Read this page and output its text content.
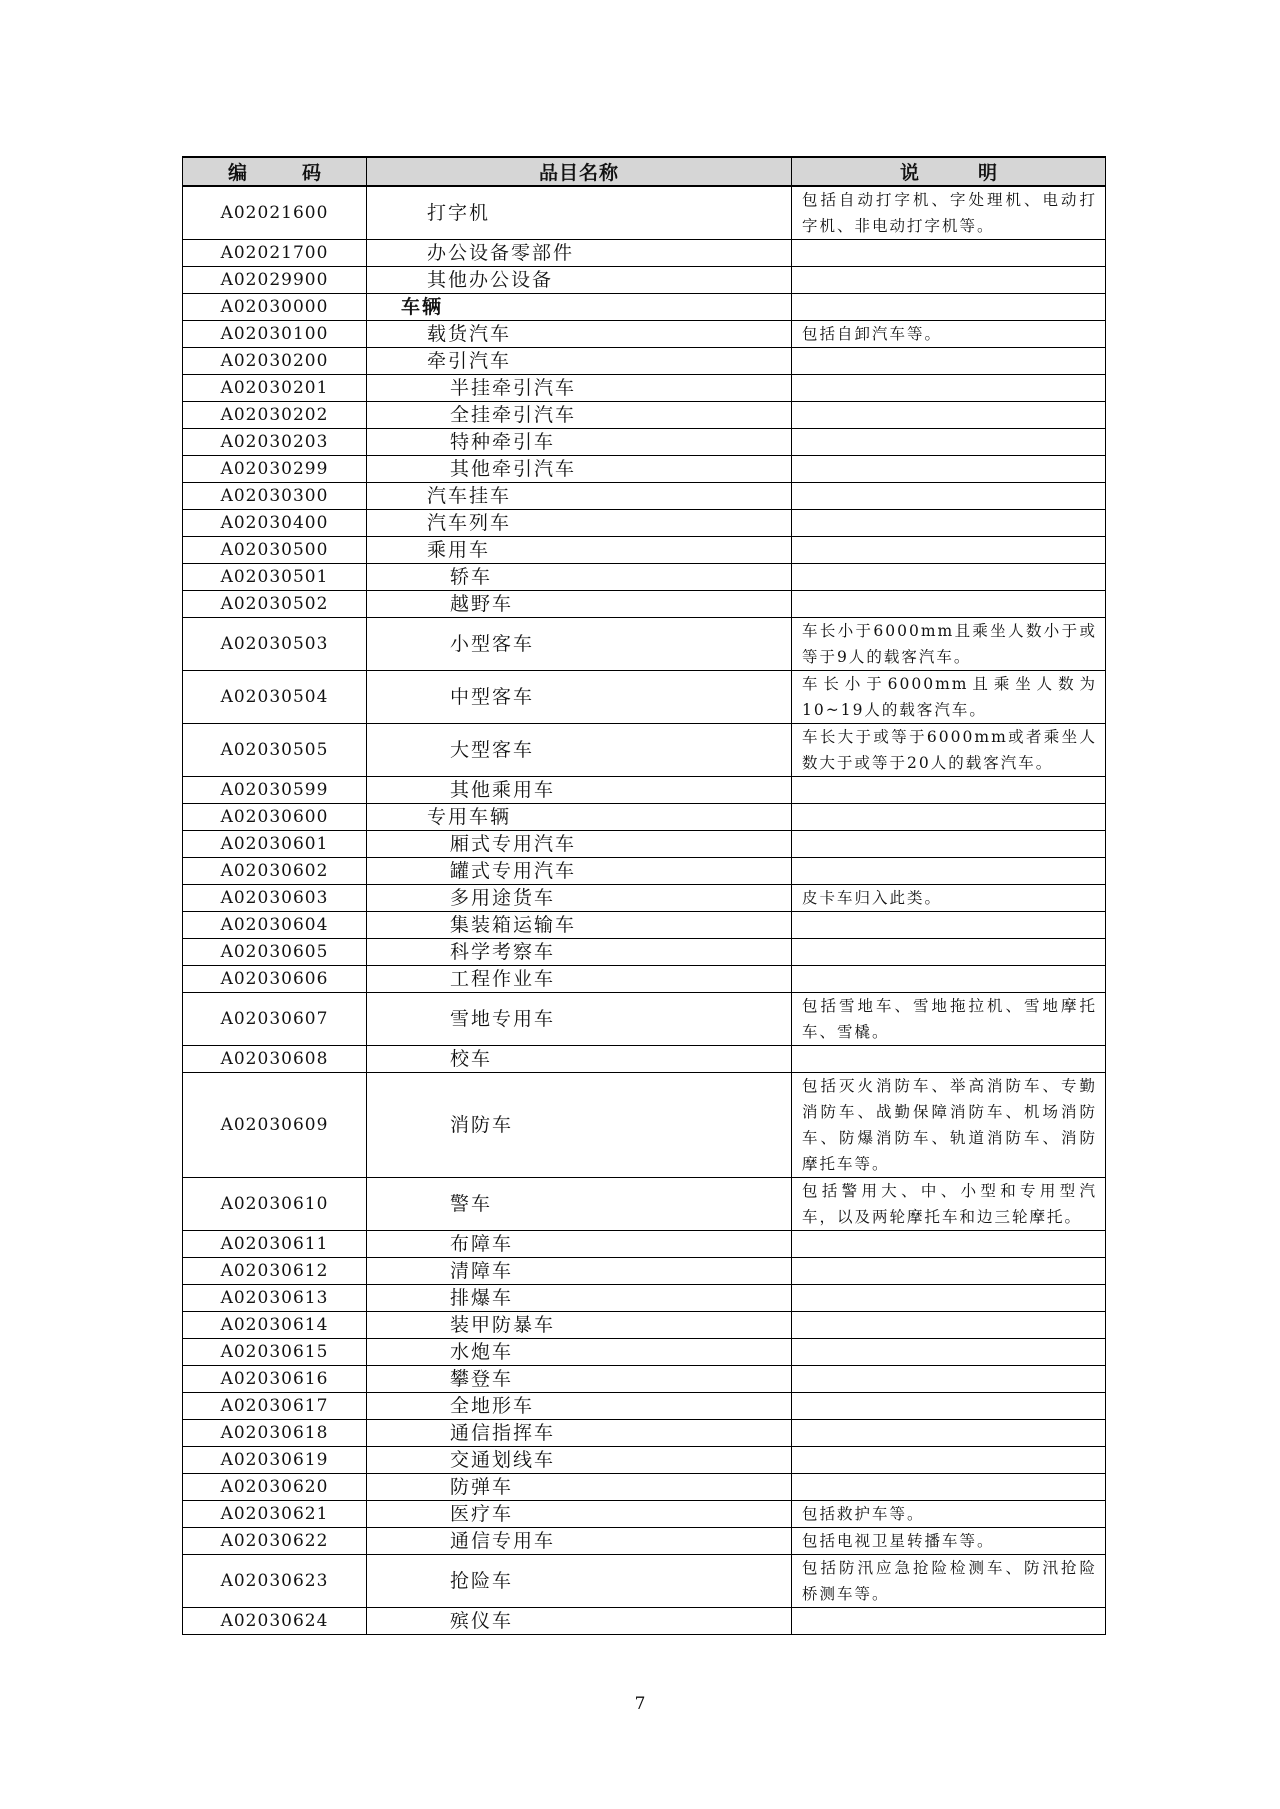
编　码	品目名称	说　明
A02021600	打字机	包括自动打字机、字处理机、电动打字机、非电动打字机等。
A02021700	办公设备零部件	
A02029900	其他办公设备	
A02030000	车辆	
A02030100	载货汽车	包括自卸汽车等。
A02030200	牵引汽车	
A02030201	半挂牵引汽车	
A02030202	全挂牵引汽车	
A02030203	特种牵引车	
A02030299	其他牵引汽车	
A02030300	汽车挂车	
A02030400	汽车列车	
A02030500	乘用车	
A02030501	轿车	
A02030502	越野车	
A02030503	小型客车	车长小于6000mm且乘坐人数小于或等于9人的载客汽车。
A02030504	中型客车	车长小于6000mm且乘坐人数为10~19人的载客汽车。
A02030505	大型客车	车长大于或等于6000mm或者乘坐人数大于或等于20人的载客汽车。
A02030599	其他乘用车	
A02030600	专用车辆	
A02030601	厢式专用汽车	
A02030602	罐式专用汽车	
A02030603	多用途货车	皮卡车归入此类。
A02030604	集装箱运输车	
A02030605	科学考察车	
A02030606	工程作业车	
A02030607	雪地专用车	包括雪地车、雪地拖拉机、雪地摩托车、雪橇。
A02030608	校车	
A02030609	消防车	包括灭火消防车、举高消防车、专勤消防车、战勤保障消防车、机场消防车、防爆消防车、轨道消防车、消防摩托车等。
A02030610	警车	包括警用大、中、小型和专用型汽车，以及两轮摩托车和边三轮摩托。
A02030611	布障车	
A02030612	清障车	
A02030613	排爆车	
A02030614	装甲防暴车	
A02030615	水炮车	
A02030616	攀登车	
A02030617	全地形车	
A02030618	通信指挥车	
A02030619	交通划线车	
A02030620	防弹车	
A02030621	医疗车	包括救护车等。
A02030622	通信专用车	包括电视卫星转播车等。
A02030623	抢险车	包括防汛应急抢险检测车、防汛抢险桥测车等。
A02030624	殡仪车	
7
